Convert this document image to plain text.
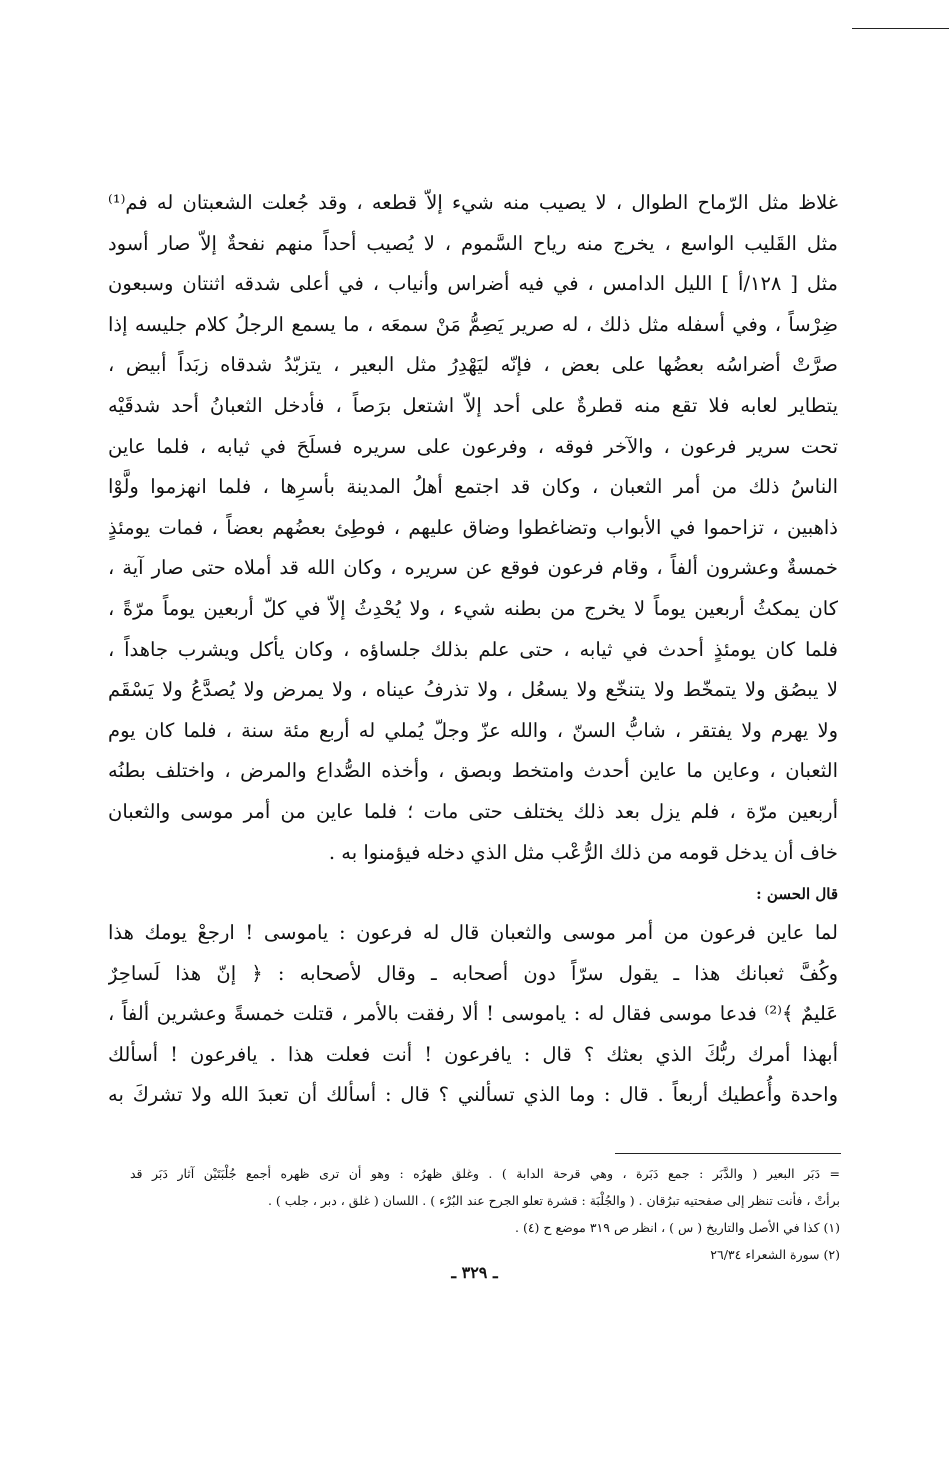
غلاظ مثل الرّماح الطوال ، لا يصيب منه شيء إلاّ قطعه ، وقد جُعلت الشعبتان له فم⁽¹⁾
مثل القَليب الواسع ، يخرج منه رياح السَّموم ، لا يُصيب أحداً منهم نفحةٌ إلاّ صار أسود
مثل [ ١٢٨/أ ] الليل الدامس ، في فيه أضراس وأنياب ، في أعلى شدقه اثنتان وسبعون
ضِرْساً ، وفي أسفله مثل ذلك ، له صرير يَصِمُّ مَنْ سمعَه ، ما يسمع الرجلُ كلام جليسه إذا
صرَّتْ أضراسُه بعضُها على بعض ، فإنّه ليَهْدِرُ مثل البعير ، يتزبّدُ شدقاه زبَداً أبيض ،
يتطاير لعابه فلا تقع منه قطرةٌ على أحد إلاّ اشتعل برَصاً ، فأدخل الثعبانُ أحد شدقَيْه
تحت سرير فرعون ، والآخر فوقه ، وفرعون على سريره فسلَحَ في ثيابه ، فلما عاين
الناسُ ذلك من أمر الثعبان ، وكان قد اجتمع أهلُ المدينة بأسرِها ، فلما انهزموا ولَّوْا
ذاهبين ، تزاحموا في الأبواب وتضاغطوا وضاق عليهم ، فوطِئ بعضُهم بعضاً ، فمات يومئذٍ
خمسةٌ وعشرون ألفاً ، وقام فرعون فوقع عن سريره ، وكان الله قد أملاه حتى صار آية ،
كان يمكثُ أربعين يوماً لا يخرج من بطنه شيء ، ولا يُحْدِثُ إلاّ في كلّ أربعين يوماً مرّةً ،
فلما كان يومئذٍ أحدث في ثيابه ، حتى علم بذلك جلساؤه ، وكان يأكل ويشرب جاهداً ،
لا يبصُق ولا يتمخّط ولا يتنخّع ولا يسعُل ، ولا تذرفُ عيناه ، ولا يمرض ولا يُصدَّعُ ولا يَسْقَم
ولا يهرم ولا يفتقر ، شابُّ السنّ ، والله عزّ وجلّ يُملي له أربع مئة سنة ، فلما كان يوم
الثعبان ، وعاين ما عاين أحدث وامتخط وبصق ، وأخذه الصُّداع والمرض ، واختلف بطنُه
أربعين مرّة ، فلم يزل بعد ذلك يختلف حتى مات ؛ فلما عاين من أمر موسى والثعبان
خاف أن يدخل قومه من ذلك الرُّعْب مثل الذي دخله فيؤمنوا به .
قال الحسن :
لما عاين فرعون من أمر موسى والثعبان قال له فرعون : ياموسى ! ارجعْ يومك هذا
وكُفَّ ثعبانك هذا ـ يقول سرّاً دون أصحابه ـ وقال لأصحابه : ﴿ إنّ هذا لَساحِرٌ
عَليمٌ ﴾⁽²⁾ فدعا موسى فقال له : ياموسى ! ألا رفقت بالأمر ، قتلت خمسةً وعشرين ألفاً ،
أبهذا أمرك ربُّكَ الذي بعثك ؟ قال : يافرعون ! أنت فعلت هذا . يافرعون ! أسألك
واحدة وأُعطيك أربعاً . قال : وما الذي تسألني ؟ قال : أسألك أن تعبدَ الله ولا تشركَ به
= دَبَر البعير ( والدَّبَر : جمع دَبَرة ، وهي قرحة الدابة ) . وغلق ظهرُه : وهو أن ترى ظهره أجمع جُلْبَتَيْن آثار دَبَر قد
برأتْ ، فأنت تنظر إلى صفحتيه تبرُقان . ( والجُلْبَة : قشرة تعلو الجرح عند البُرْء ) . اللسان ( غلق ، دبر ، جلب ) .
(١) كذا في الأصل والتاريخ ( س ) ، انظر ص ٣١٩ موضع ح (٤) .
(٢) سورة الشعراء ٢٦/٣٤
ـ ٣٢٩ ـ
